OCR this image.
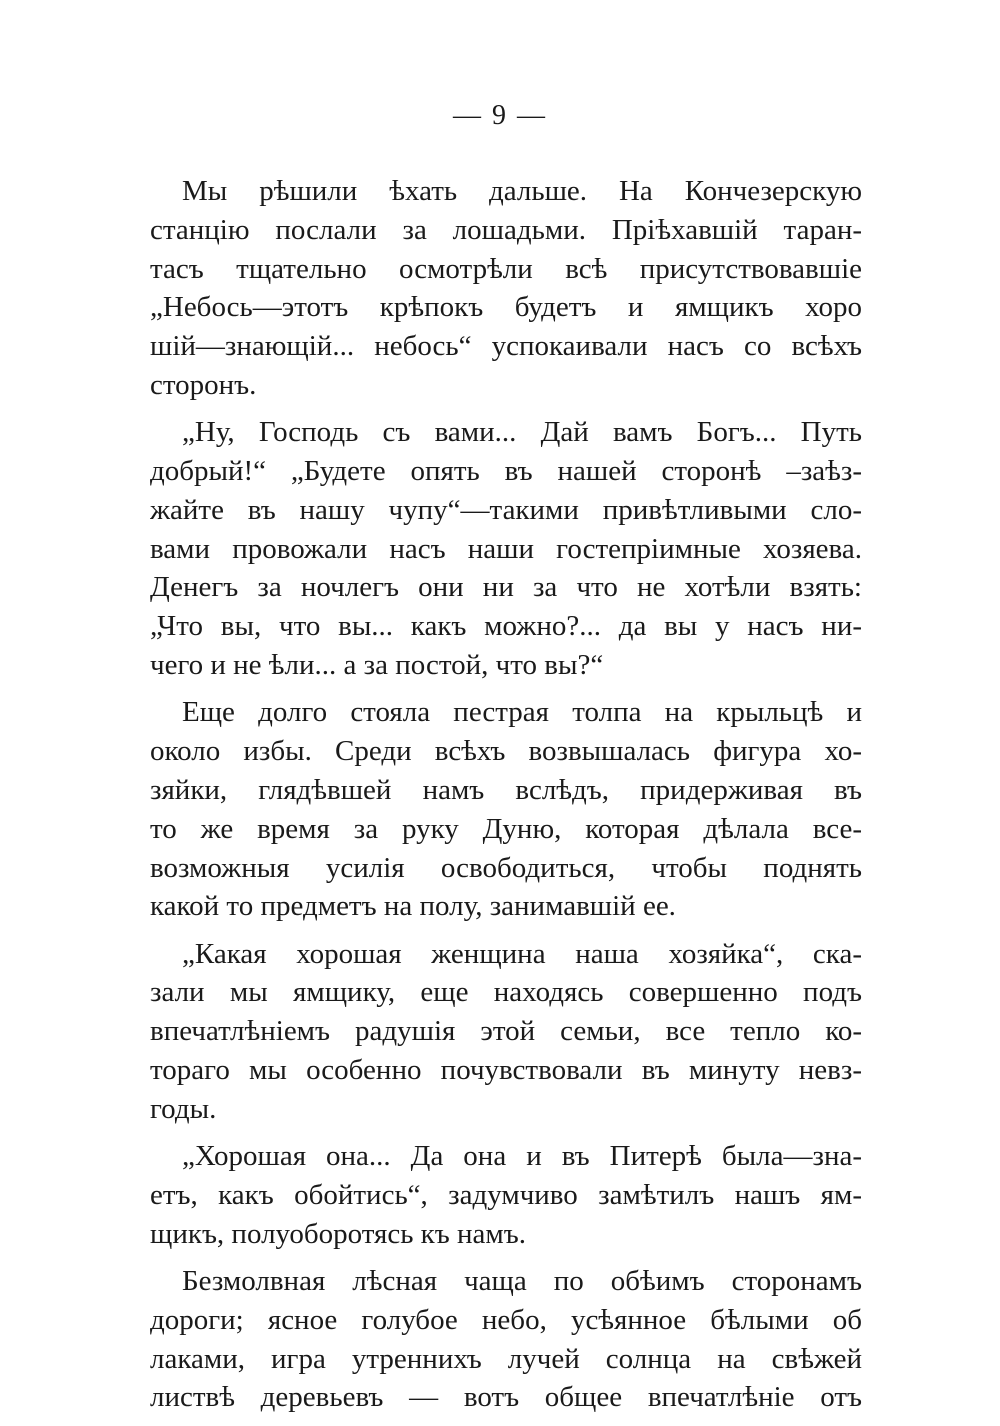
— 9 —
Мы рѣшили ѣхать дальше. На Кончезерскую
станцію послали за лошадьми. Пріѣхавшій таран-
тасъ тщательно осмотрѣли всѣ присутствовавшіе
„Небось—этотъ крѣпокъ будетъ и ямщикъ хоро
шій—знающій... небось“ успокаивали насъ со всѣхъ
сторонъ.
„Ну, Господь съ вами... Дай вамъ Богъ... Путь
добрый!“ „Будете опять въ нашей сторонѣ –заѣз-
жайте въ нашу чупу“—такими привѣтливыми сло-
вами провожали насъ наши гостепріимные хозяева.
Денегъ за ночлегъ они ни за что не хотѣли взять:
„Что вы, что вы... какъ можно?... да вы у насъ ни-
чего и не ѣли... а за постой, что вы?“
Еще долго стояла пестрая толпа на крыльцѣ и
около избы. Среди всѣхъ возвышалась фигура хо-
зяйки, глядѣвшей намъ вслѣдъ, придерживая въ
то же время за руку Дуню, которая дѣлала все-
возможныя усилія освободиться, чтобы поднять
какой то предметъ на полу, занимавшій ее.
„Какая хорошая женщина наша хозяйка“, ска-
зали мы ямщику, еще находясь совершенно подъ
впечатлѣніемъ радушія этой семьи, все тепло ко-
тораго мы особенно почувствовали въ минуту невз-
годы.
„Хорошая она... Да она и въ Питерѣ была—зна-
етъ, какъ обойтись“, задумчиво замѣтилъ нашъ ям-
щикъ, полуоборотясь къ намъ.
Безмолвная лѣсная чаща по обѣимъ сторонамъ
дороги; ясное голубое небо, усѣянное бѣлыми об
лаками, игра утреннихъ лучей солнца на свѣжей
листвѣ деревьевъ — вотъ общее впечатлѣніе отъ
